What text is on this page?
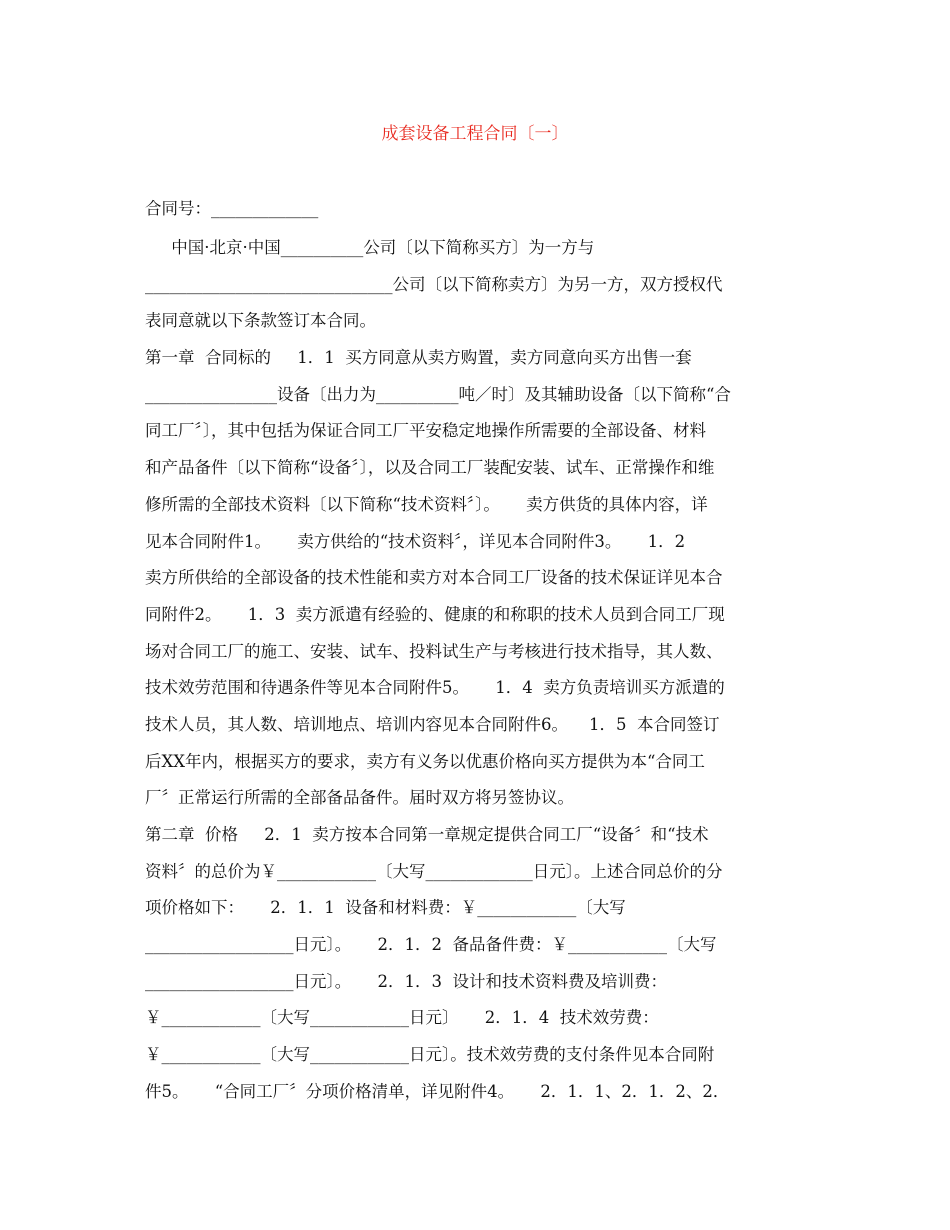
成套设备工程合同〔一〕
合同号：_____________
中国·北京·中国__________公司〔以下简称买方〕为一方与
______________________________公司〔以下简称卖方〕为另一方，双方授权代
表同意就以下条款签订本合同。
第一章  合同标的     1．1  买方同意从卖方购置，卖方同意向买方出售一套
________________设备〔出力为__________吨／时〕及其辅助设备〔以下简称“合
同工厂〞〕，其中包括为保证合同工厂平安稳定地操作所需要的全部设备、材料
和产品备件〔以下简称“设备〞〕，以及合同工厂装配安装、试车、正常操作和维
修所需的全部技术资料〔以下简称“技术资料〞〕。     卖方供货的具体内容，详
见本合同附件1。     卖方供给的“技术资料〞，详见本合同附件3。     1．2
卖方所供给的全部设备的技术性能和卖方对本合同工厂设备的技术保证详见本合
同附件2。     1．3  卖方派遣有经验的、健康的和称职的技术人员到合同工厂现
场对合同工厂的施工、安装、试车、投料试生产与考核进行技术指导，其人数、
技术效劳范围和待遇条件等见本合同附件5。     1．4  卖方负责培训买方派遣的
技术人员，其人数、培训地点、培训内容见本合同附件6。    1．5  本合同签订
后XX年内，根据买方的要求，卖方有义务以优惠价格向买方提供为本“合同工
厂〞正常运行所需的全部备品备件。届时双方将另签协议。
第二章  价格     2．1  卖方按本合同第一章规定提供合同工厂“设备〞和“技术
资料〞的总价为￥____________〔大写_____________日元〕。上述合同总价的分
项价格如下：     2．1．1  设备和材料费：￥____________〔大写
__________________日元〕。     2．1．2  备品备件费：￥____________〔大写
__________________日元〕。     2．1．3  设计和技术资料费及培训费：
￥____________〔大写____________日元〕     2．1．4  技术效劳费：
￥____________〔大写____________日元〕。技术效劳费的支付条件见本合同附
件5。     “合同工厂〞分项价格清单，详见附件4。     2．1．1、2．1．2、2．
